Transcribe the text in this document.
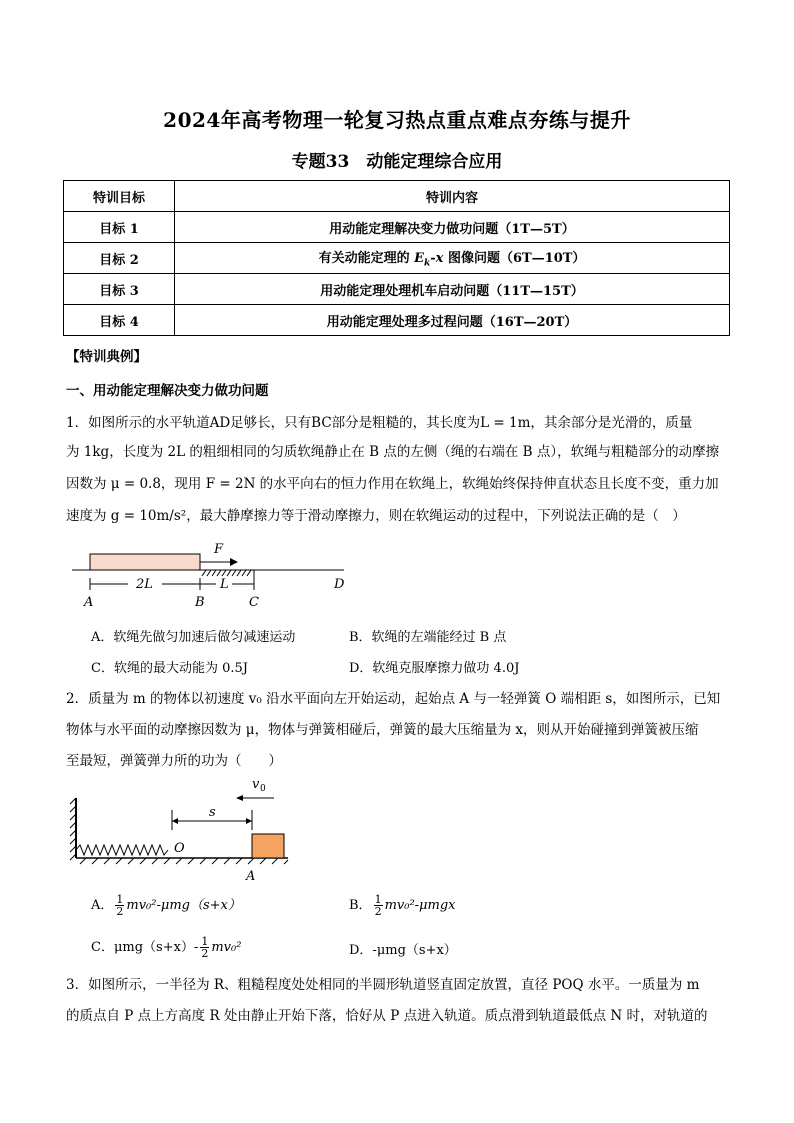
2024年高考物理一轮复习热点重点难点夯练与提升
专题33　动能定理综合应用
特训目标	特训内容
目标 1	用动能定理解决变力做功问题（1T—5T）
目标 2	有关动能定理的 $E_k-x$ 图像问题（6T—10T）
目标 3	用动能定理处理机车启动问题（11T—15T）
目标 4	用动能定理处理多过程问题（16T—20T）
【特训典例】
一、用动能定理解决变力做功问题
1．如图所示的水平轨道AD足够长，只有BC部分是粗糙的，其长度为L = 1m，其余部分是光滑的，质量
为 1kg，长度为 2L 的粗细相同的匀质软绳静止在 B 点的左侧（绳的右端在 B 点），软绳与粗糙部分的动摩擦
因数为 μ = 0.8，现用 F = 2N 的水平向右的恒力作用在软绳上，软绳始终保持伸直状态且长度不变，重力加
速度为 g = 10m/s²，最大静摩擦力等于滑动摩擦力，则在软绳运动的过程中，下列说法正确的是（　）
F
2L	L
A	B	C
D
A．软绳先做匀加速后做匀减速运动	B．软绳的左端能经过 B 点
C．软绳的最大动能为 0.5J	D．软绳克服摩擦力做功 4.0J
2．质量为 m 的物体以初速度 v₀ 沿水平面向左开始运动，起始点 A 与一轻弹簧 O 端相距 s，如图所示，已知
物体与水平面的动摩擦因数为 μ，物体与弹簧相碰后，弹簧的最大压缩量为 x，则从开始碰撞到弹簧被压缩
至最短，弹簧弹力所的功为（　　）
O
A
s
v 0
A． $\frac{1}{2} mv_0^2-\mu mg(s+x)$	B． $\frac{1}{2} mv_0^2-\mu mgx$
C．$\mu mg(s+x)- \frac{1}{2} mv_0^2$	D．-μmg（s+x）
3．如图所示，一半径为 R、粗糙程度处处相同的半圆形轨道竖直固定放置，直径 POQ 水平。一质量为 m
的质点自 P 点上方高度 R 处由静止开始下落，恰好从 P 点进入轨道。质点滑到轨道最低点 N 时，对轨道的
